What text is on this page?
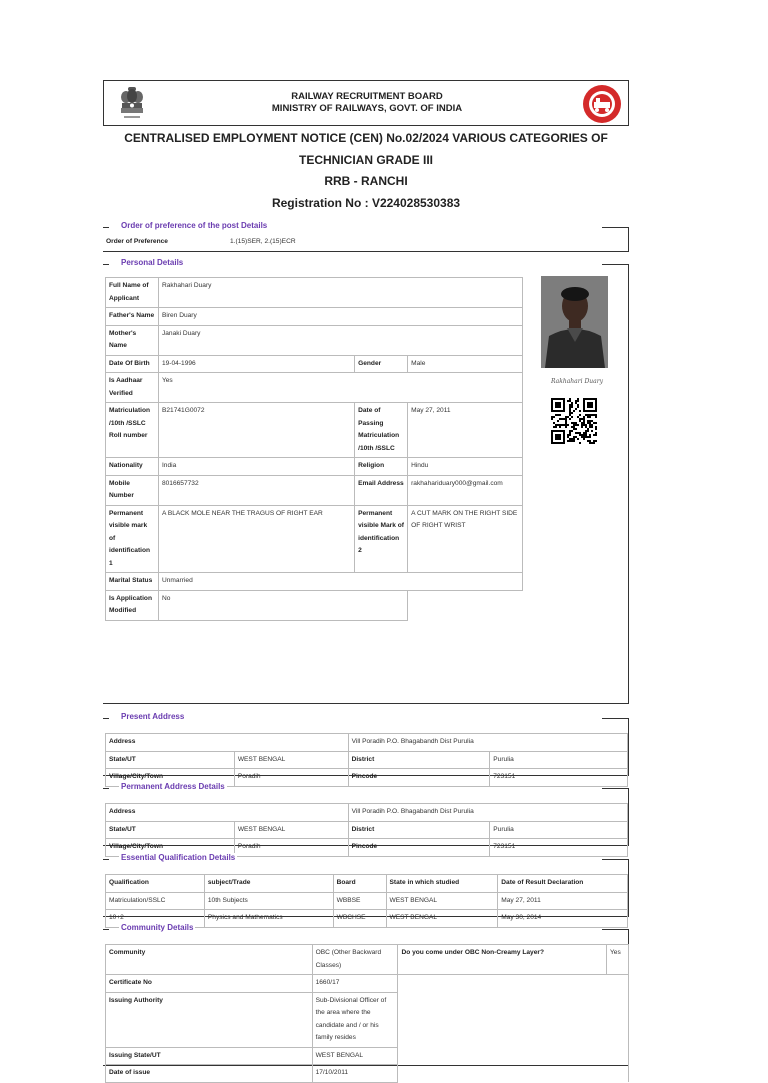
RAILWAY RECRUITMENT BOARD
MINISTRY OF RAILWAYS, GOVT. OF INDIA
CENTRALISED EMPLOYMENT NOTICE (CEN) No.02/2024 VARIOUS CATEGORIES OF
TECHNICIAN GRADE III
RRB - RANCHI
Registration No : V224028530383
Order of preference of the post Details
Order of Preference	1.(15)SER, 2.(15)ECR
Personal Details
Full Name of Applicant	Rakhahari Duary		
Father's Name	Biren Duary		
Mother's Name	Janaki Duary		
Date Of Birth	19-04-1996	Gender	Male
Is Aadhaar Verified	Yes		
Matriculation /10th /SSLC Roll number	B21741G0072	Date of Passing Matriculation /10th /SSLC	May 27, 2011
Nationality	India	Religion	Hindu
Mobile Number	8016657732	Email Address	rakhahariduary000@gmail.com
Permanent visible mark of identification 1	A BLACK MOLE NEAR THE TRAGUS OF RIGHT EAR	Permanent visible Mark of identification 2	A CUT MARK ON THE RIGHT SIDE OF RIGHT WRIST
Marital Status	Unmarried		
Is Application Modified	No		
Rakhahari Duary
Present Address
Address		Vill Poradih P.O. Bhagabandh Dist Purulia	
State/UT	WEST BENGAL	District	Purulia
Village/City/Town	Poradih	Pincode	723151
Permanent Address Details
Address		Vill Poradih P.O. Bhagabandh Dist Purulia	
State/UT	WEST BENGAL	District	Purulia
Village/City/Town	Poradih	Pincode	723151
Essential Qualification Details
Qualification	subject/Trade	Board	State in which studied	Date of Result Declaration
Matriculation/SSLC	10th Subjects	WBBSE	WEST BENGAL	May 27, 2011
10+2	Physics and Mathematics	WBCHSE	WEST BENGAL	May 30, 2014
Community Details
Community	OBC (Other Backward Classes)	Do you come under OBC Non-Creamy Layer?	Yes
Certificate No	1660/17		
Issuing Authority	Sub-Divisional Officer of the area where the candidate and / or his family resides		
Issuing State/UT	WEST BENGAL		
Date of issue	17/10/2011		
